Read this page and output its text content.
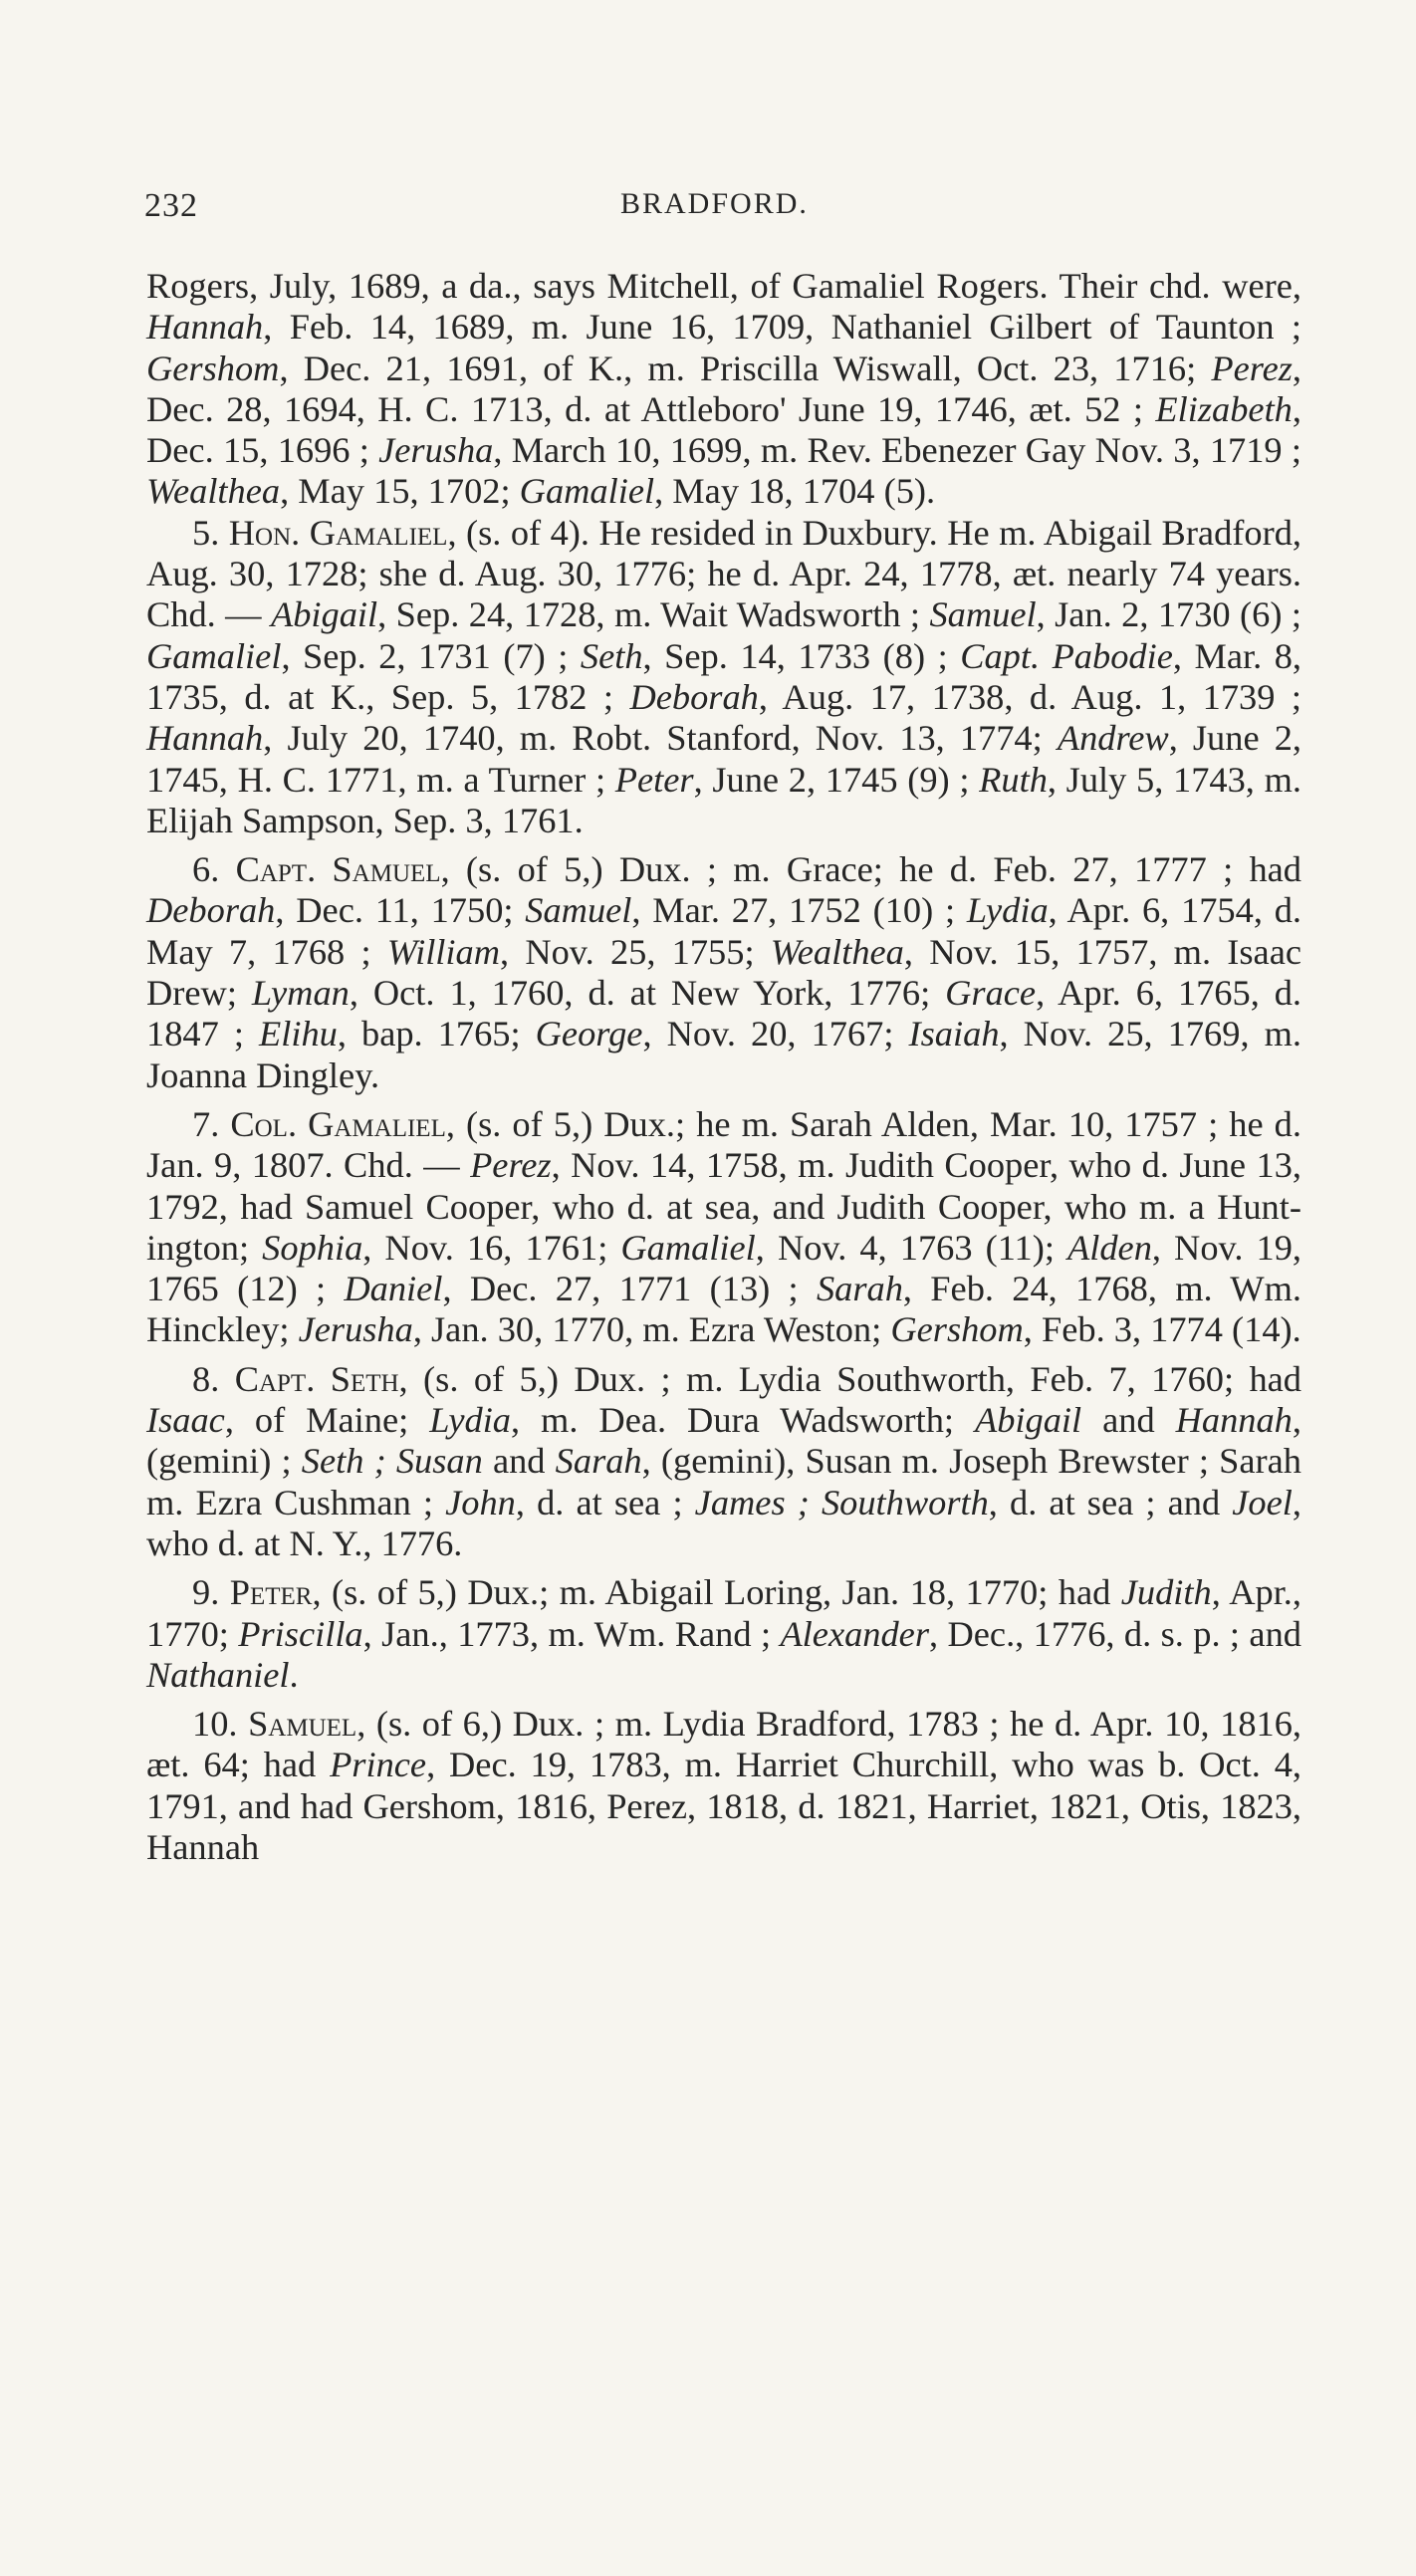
232	BRADFORD.

Rogers, July, 1689, a da., says Mitchell, of Gamaliel Rogers. Their chd. were, Hannah, Feb. 14, 1689, m. June 16, 1709, Nathaniel Gilbert of Taunton ; Gershom, Dec. 21, 1691, of K., m. Priscilla Wiswall, Oct. 23, 1716; Perez, Dec. 28, 1694, H. C. 1713, d. at Attleboro' June 19, 1746, æt. 52 ; Elizabeth, Dec. 15, 1696 ; Jerusha, March 10, 1699, m. Rev. Ebenezer Gay Nov. 3, 1719 ; Wealthea, May 15, 1702; Gamaliel, May 18, 1704 (5).

5. Hon. Gamaliel, (s. of 4). He resided in Duxbury. He m. Abigail Bradford, Aug. 30, 1728; she d. Aug. 30, 1776; he d. Apr. 24, 1778, æt. nearly 74 years. Chd. — Abigail, Sep. 24, 1728, m. Wait Wadsworth ; Samuel, Jan. 2, 1730 (6) ; Gamaliel, Sep. 2, 1731 (7) ; Seth, Sep. 14, 1733 (8) ; Capt. Pabodie, Mar. 8, 1735, d. at K., Sep. 5, 1782 ; Deborah, Aug. 17, 1738, d. Aug. 1, 1739 ; Hannah, July 20, 1740, m. Robt. Stanford, Nov. 13, 1774; Andrew, June 2, 1745, H. C. 1771, m. a Turner ; Peter, June 2, 1745 (9) ; Ruth, July 5, 1743, m. Elijah Sampson, Sep. 3, 1761.

6. Capt. Samuel, (s. of 5,) Dux. ; m. Grace; he d. Feb. 27, 1777 ; had Deborah, Dec. 11, 1750; Samuel, Mar. 27, 1752 (10) ; Lydia, Apr. 6, 1754, d. May 7, 1768 ; William, Nov. 25, 1755; Wealthea, Nov. 15, 1757, m. Isaac Drew; Lyman, Oct. 1, 1760, d. at New York, 1776; Grace, Apr. 6, 1765, d. 1847 ; Elihu, bap. 1765; George, Nov. 20, 1767; Isaiah, Nov. 25, 1769, m. Joanna Dingley.

7. Col. Gamaliel, (s. of 5,) Dux.; he m. Sarah Alden, Mar. 10, 1757 ; he d. Jan. 9, 1807. Chd. — Perez, Nov. 14, 1758, m. Judith Cooper, who d. June 13, 1792, had Samuel Cooper, who d. at sea, and Judith Cooper, who m. a Huntington; Sophia, Nov. 16, 1761; Gamaliel, Nov. 4, 1763 (11); Alden, Nov. 19, 1765 (12) ; Daniel, Dec. 27, 1771 (13) ; Sarah, Feb. 24, 1768, m. Wm. Hinckley; Jerusha, Jan. 30, 1770, m. Ezra Weston; Gershom, Feb. 3, 1774 (14).

8. Capt. Seth, (s. of 5,) Dux. ; m. Lydia Southworth, Feb. 7, 1760; had Isaac, of Maine; Lydia, m. Dea. Dura Wadsworth; Abigail and Hannah, (gemini) ; Seth ; Susan and Sarah, (gemini), Susan m. Joseph Brewster ; Sarah m. Ezra Cushman ; John, d. at sea ; James ; Southworth, d. at sea ; and Joel, who d. at N. Y., 1776.

9. Peter, (s. of 5,) Dux.; m. Abigail Loring, Jan. 18, 1770; had Judith, Apr., 1770; Priscilla, Jan., 1773, m. Wm. Rand ; Alexander, Dec., 1776, d. s. p. ; and Nathaniel.

10. Samuel, (s. of 6,) Dux. ; m. Lydia Bradford, 1783 ; he d. Apr. 10, 1816, æt. 64; had Prince, Dec. 19, 1783, m. Harriet Churchill, who was b. Oct. 4, 1791, and had Gershom, 1816, Perez, 1818, d. 1821, Harriet, 1821, Otis, 1823, Hannah
